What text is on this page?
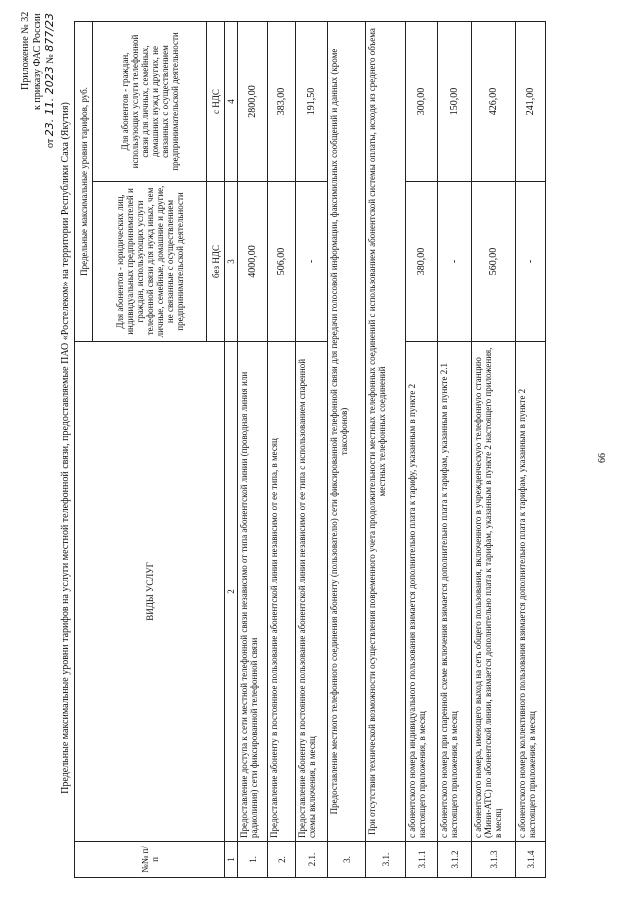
66
Приложение № 32 к приказу ФАС России
от 23. 11. 2023 № 877/23
Предельные максимальные уровни тарифов на услуги местной телефонной связи, предоставляемые ПАО «Ростелеком» на территории Республики Саха (Якутия)
№№ п/п	ВИДЫ УСЛУГ	Предельные максимальные уровни тарифов, руб.	
		Для абонентов - юридических лиц, индивидуальных предпринимателей и граждан, использующих услуги телефонной связи для нужд иных, чем личные, семейные, домашние и другие, не связанные с осуществлением предпринимательской деятельности	Для абонентов - граждан, использующих услуги телефонной связи для личных, семейных, домашних нужд и других, не связанных с осуществлением предпринимательской деятельности
		без НДС	с НДС
1	2	3	4
1.	Предоставление доступа к сети местной телефонной связи независимо от типа абонентской линии (проводная линия или радиолиния) сети фиксированной телефонной связи	4000,00	2800,00
2.	Предоставление абоненту в постоянное пользование абонентской линии независимо от ее типа, в месяц	506,00	383,00
2.1.	Предоставление абоненту в постоянное пользование абонентской линии независимо от ее типа с использованием спаренной схемы включения, в месяц	-	191,50
3.	Предоставление местного телефонного соединения абоненту (пользователю) сети фиксированной телефонной связи для передачи голосовой информации, факсимильных сообщений и данных (кроме таксофонов)		
3.1.	При отсутствии технической возможности осуществления повременного учета продолжительности местных телефонных соединений с использованием абонентской системы оплаты, исходя из среднего объема местных телефонных соединений		
3.1.1	с абонентского номера индивидуального пользования взимается дополнительно плата к тарифу, указанным в пункте 2 настоящего приложения, в месяц	380,00	300,00
3.1.2	с абонентского номера при спаренной схеме включения взимается дополнительно плата к тарифам, указанным в пункте 2.1 настоящего приложения, в месяц	-	150,00
3.1.3	с абонентского номера, имеющего выход на сеть общего пользования, включенного в учрежденческую телефонную станцию (Мини-АТС) по абонентской линии, взимается дополнительно плата к тарифам, указанным в пункте 2 настоящего приложения, в месяц	560,00	426,00
3.1.4	с абонентского номера коллективного пользования взимается дополнительно плата к тарифам, указанным в пункте 2 настоящего приложения, в месяц	-	241,00
